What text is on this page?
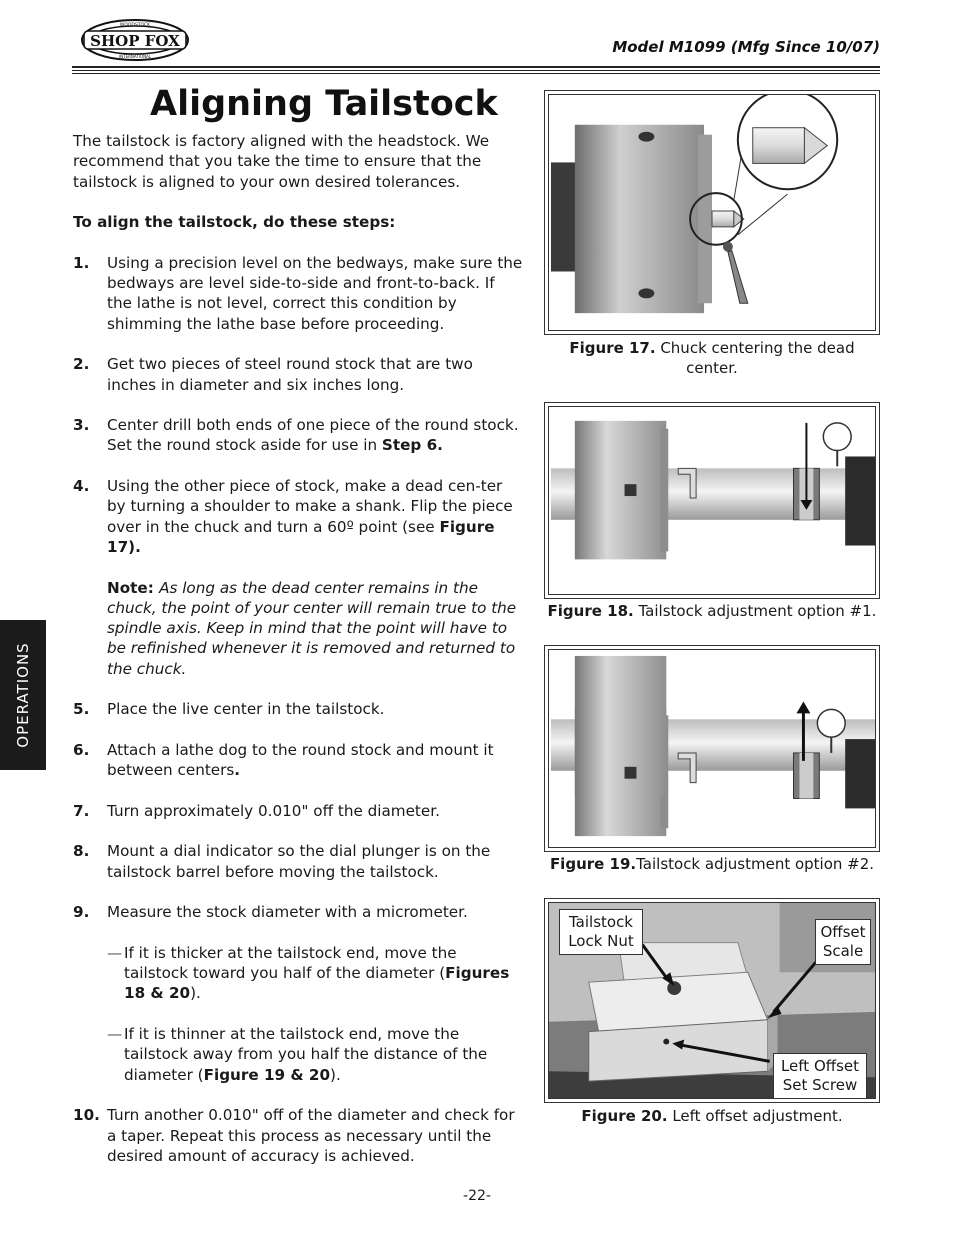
SHOP FOX
WOODSTOCK
INTERNATIONAL
Model M1099 (Mfg Since 10/07)
OPERATIONS
Aligning Tailstock

The tailstock is factory aligned with the headstock. We recommend that you take the time to ensure that the tailstock is aligned to your own desired tolerances.

To align the tailstock, do these steps:

1.	Using a precision level on the bedways, make sure the bedways are level side-to-side and front-to-back. If the lathe is not level, correct this condition by shimming the lathe base before proceeding.

2.	Get two pieces of steel round stock that are two inches in diameter and six inches long.

3.	Center drill both ends of one piece of the round stock. Set the round stock aside for use in Step 6.

4.	Using the other piece of stock, make a dead cen-ter by turning a shoulder to make a shank. Flip the piece over in the chuck and turn a 60º point (see Figure 17).

Note: As long as the dead center remains in the chuck, the point of your center will remain true to the spindle axis. Keep in mind that the point will have to be refinished whenever it is removed and returned to the chuck.

5.	Place the live center in the tailstock.

6.	Attach a lathe dog to the round stock and mount it between centers.

7.	Turn approximately 0.010" off the diameter.

8.	Mount a dial indicator so the dial plunger is on the tailstock barrel before moving the tailstock.

9.	Measure the stock diameter with a micrometer.

— If it is thicker at the tailstock end, move the tailstock toward you half of the diameter (Figures 18 & 20).
— If it is thinner at the tailstock end, move the tailstock away from you half the distance of the diameter (Figure 19 & 20).
10. Turn another 0.010" off of the diameter and check for a taper. Repeat this process as necessary until the desired amount of accuracy is achieved.

Figure 17. Chuck centering the dead center.
Figure 18. Tailstock adjustment option #1.
Figure 19.Tailstock adjustment option #2.
Tailstock Lock Nut	Offset Scale
Left Offset Set Screw
Figure 20. Left offset adjustment.
-22-
